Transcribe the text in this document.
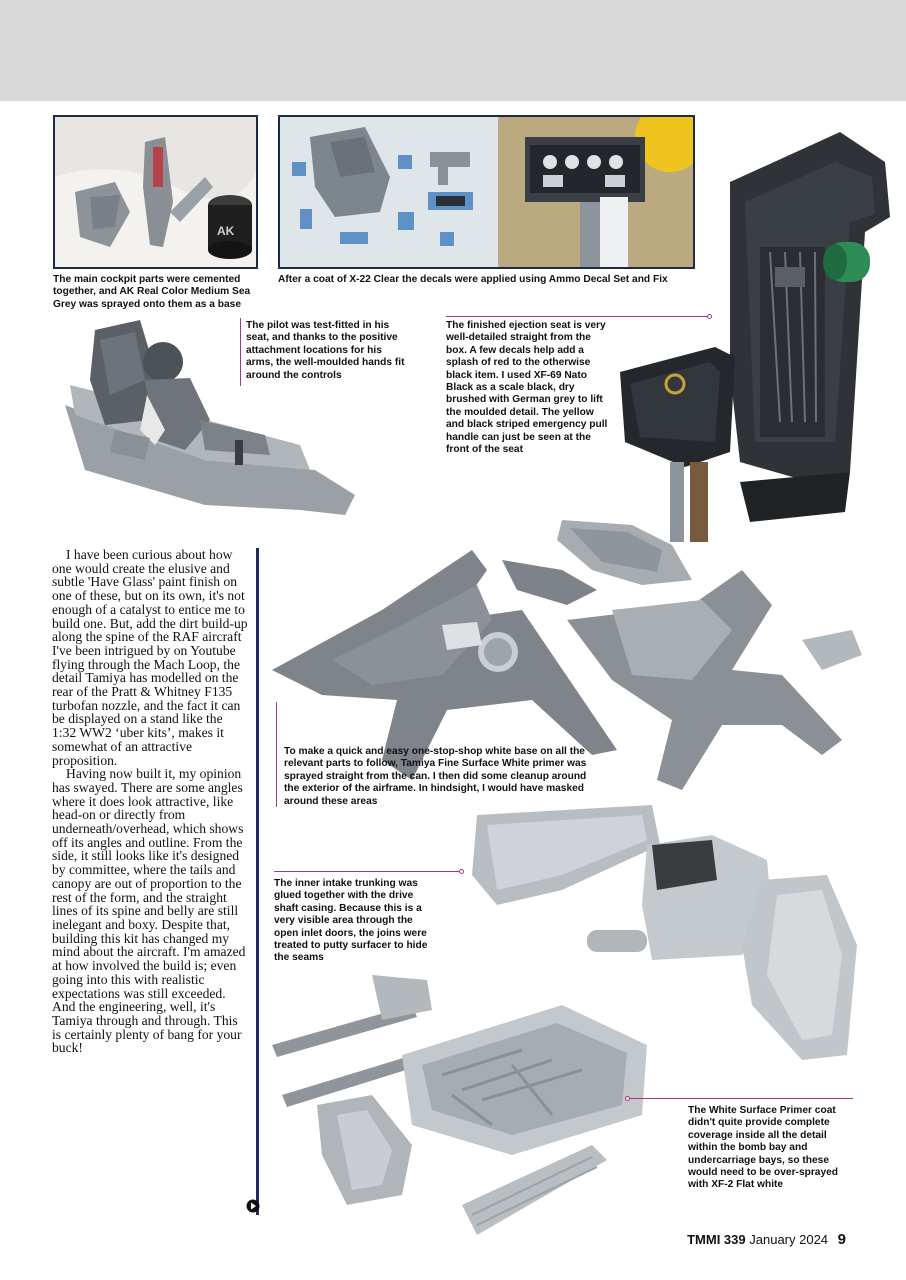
AK

The main cockpit parts were cemented together, and AK Real Color Medium Sea Grey was sprayed onto them as a base

After a coat of X-22 Clear the decals were applied using Ammo Decal Set and Fix

The pilot was test-fitted in his seat, and thanks to the positive attachment locations for his arms, the well-moulded hands fit around the controls

The finished ejection seat is very well-detailed straight from the box. A few decals help add a splash of red to the otherwise black item. I used XF-69 Nato Black as a scale black, dry brushed with German grey to lift the moulded detail. The yellow and black striped emergency pull handle can just be seen at the front of the seat

To make a quick and easy one-stop-shop white base on all the relevant parts to follow, Tamiya Fine Surface White primer was sprayed straight from the can. I then did some cleanup around the exterior of the airframe. In hindsight, I would have masked around these areas

The inner intake trunking was glued together with the drive shaft casing. Because this is a very visible area through the open inlet doors, the joins were treated to putty surfacer to hide the seams

The White Surface Primer coat didn't quite provide complete coverage inside all the detail within the bomb bay and undercarriage bays, so these would need to be over-sprayed with XF-2 Flat white

I have been curious about how one would create the elusive and subtle 'Have Glass' paint finish on one of these, but on its own, it's not enough of a catalyst to entice me to build one. But, add the dirt build-up along the spine of the RAF aircraft I've been intrigued by on Youtube flying through the Mach Loop, the detail Tamiya has modelled on the rear of the Pratt & Whitney F135 turbofan nozzle, and the fact it can be displayed on a stand like the 1:32 WW2 ‘uber kits’, makes it somewhat of an attractive proposition.

Having now built it, my opinion has swayed. There are some angles where it does look attractive, like head-on or directly from underneath/overhead, which shows off its angles and outline. From the side, it still looks like it's designed by committee, where the tails and canopy are out of proportion to the rest of the form, and the straight lines of its spine and belly are still inelegant and boxy. Despite that, building this kit has changed my mind about the aircraft. I'm amazed at how involved the build is; even going into this with realistic expectations was still exceeded. And the engineering, well, it's Tamiya through and through. This is certainly plenty of bang for your buck!

TMMI 339 January 2024 9
